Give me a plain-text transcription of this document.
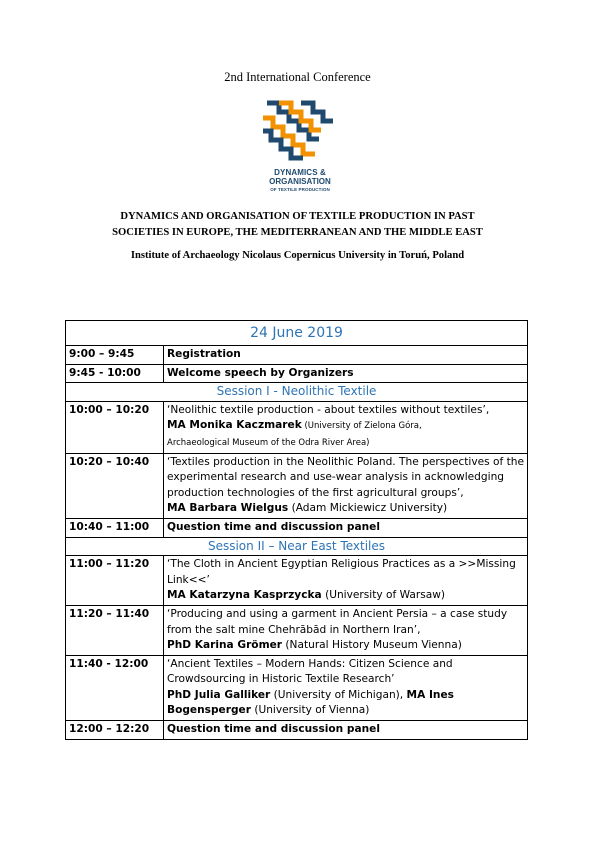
2nd International Conference
DYNAMICS &
ORGANISATION
OF TEXTILE PRODUCTION
DYNAMICS AND ORGANISATION OF TEXTILE PRODUCTION IN PAST
SOCIETIES IN EUROPE, THE MEDITERRANEAN AND THE MIDDLE EAST
Institute of Archaeology Nicolaus Copernicus University in Toruń, Poland
24 June 2019	
9:00 – 9:45	Registration
9:45 - 10:00	Welcome speech by Organizers
Session I - Neolithic Textile	
10:00 – 10:20	‘Neolithic textile production - about textiles without textiles’,
MA Monika Kaczmarek (University of Zielona Góra,
Archaeological Museum of the Odra River Area)
10:20 – 10:40	‘Textiles production in the Neolithic Poland. The perspectives of the experimental research and use-wear analysis in acknowledging production technologies of the first agricultural groups’,
MA Barbara Wielgus (Adam Mickiewicz University)
10:40 – 11:00	Question time and discussion panel
Session II – Near East Textiles	
11:00 – 11:20	‘The Cloth in Ancient Egyptian Religious Practices as a >>Missing Link<<’
MA Katarzyna Kasprzycka (University of Warsaw)
11:20 – 11:40	‘Producing and using a garment in Ancient Persia – a case study from the salt mine Chehrābād in Northern Iran’,
PhD Karina Grömer (Natural History Museum Vienna)
11:40 - 12:00	‘Ancient Textiles – Modern Hands: Citizen Science and Crowdsourcing in Historic Textile Research’
PhD Julia Galliker (University of Michigan), MA Ines Bogensperger (University of Vienna)
12:00 – 12:20	Question time and discussion panel
